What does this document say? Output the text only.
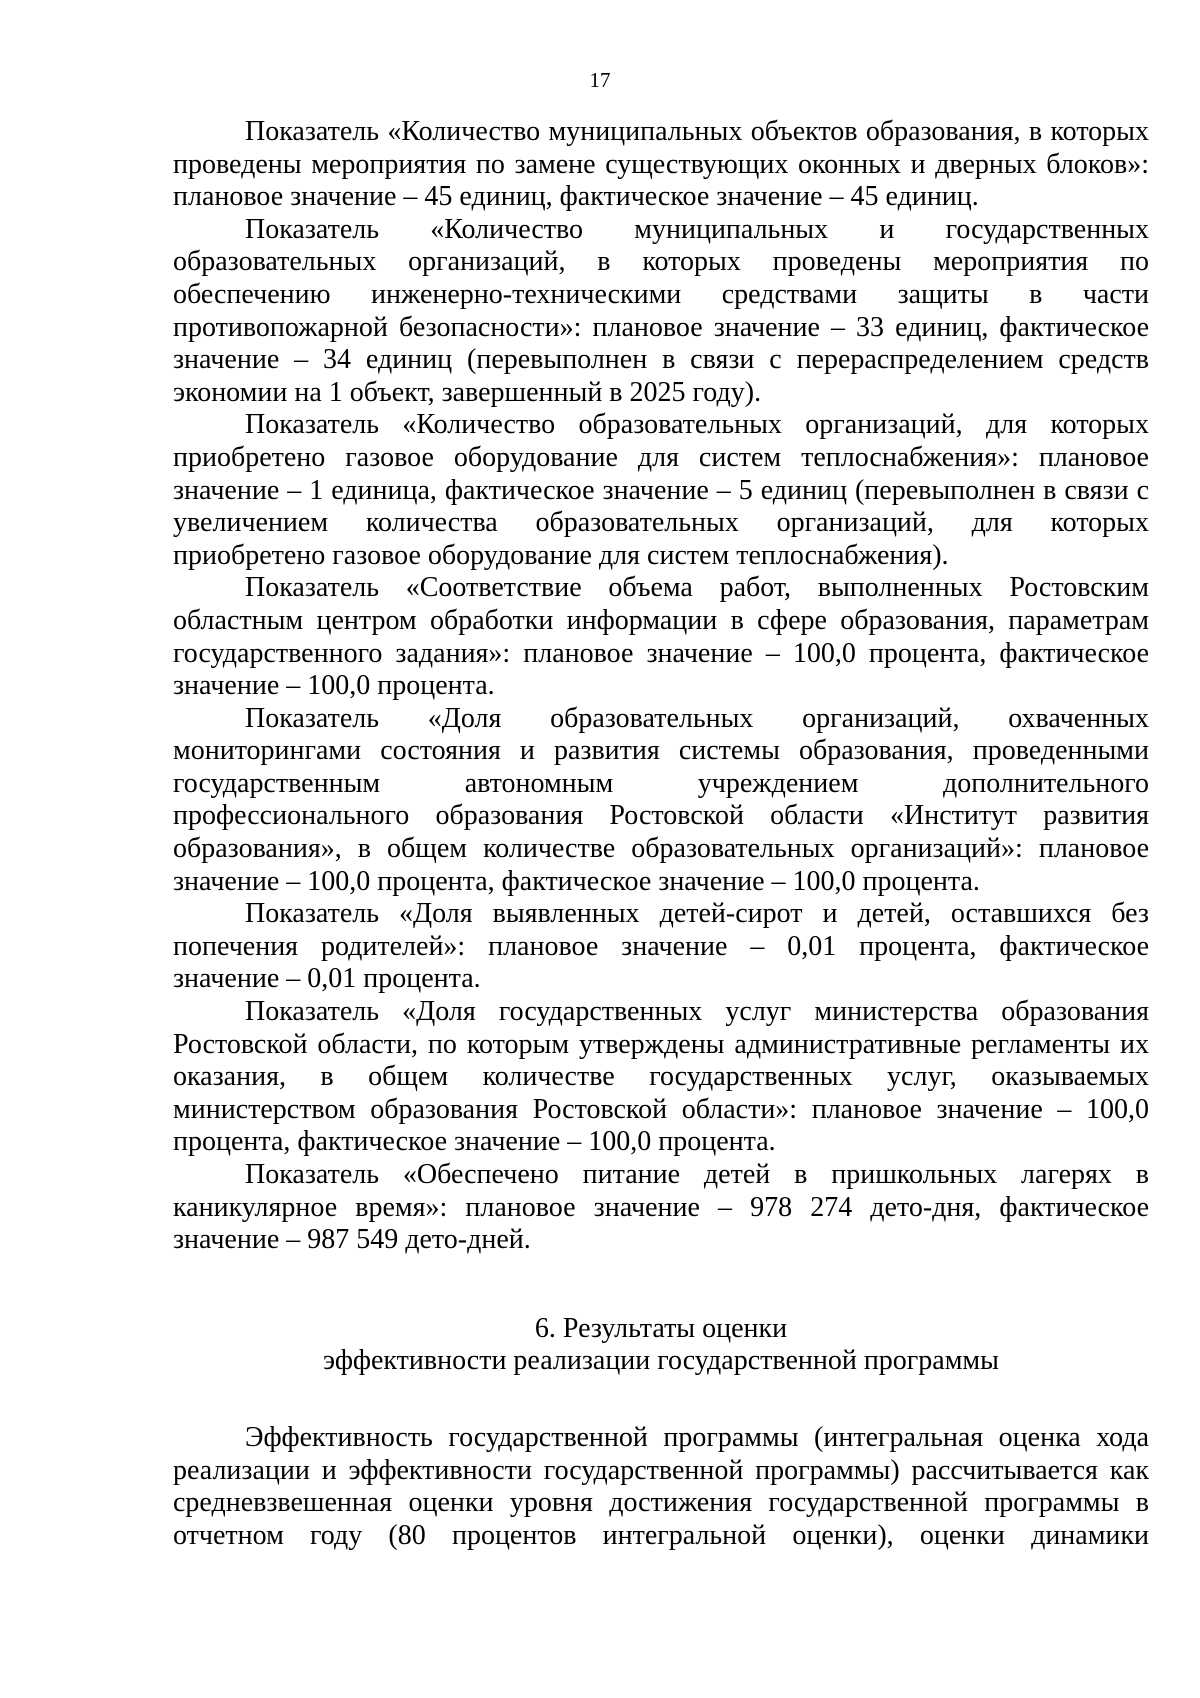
17

Показатель «Количество муниципальных объектов образования, в которых проведены мероприятия по замене существующих оконных и дверных блоков»: плановое значение – 45 единиц, фактическое значение – 45 единиц.

Показатель «Количество муниципальных и государственных образовательных организаций, в которых проведены мероприятия по обеспечению инженерно-техническими средствами защиты в части противопожарной безопасности»: плановое значение – 33 единиц, фактическое значение – 34 единиц (перевыполнен в связи с перераспределением средств экономии на 1 объект, завершенный в 2025 году).

Показатель «Количество образовательных организаций, для которых приобретено газовое оборудование для систем теплоснабжения»: плановое значение – 1 единица, фактическое значение – 5 единиц (перевыполнен в связи с увеличением количества образовательных организаций, для которых приобретено газовое оборудование для систем теплоснабжения).

Показатель «Соответствие объема работ, выполненных Ростовским областным центром обработки информации в сфере образования, параметрам государственного задания»: плановое значение – 100,0 процента, фактическое значение – 100,0 процента.

Показатель «Доля образовательных организаций, охваченных мониторингами состояния и развития системы образования, проведенными государственным автономным учреждением дополнительного профессионального образования Ростовской области «Институт развития образования», в общем количестве образовательных организаций»: плановое значение – 100,0 процента, фактическое значение – 100,0 процента.

Показатель «Доля выявленных детей-сирот и детей, оставшихся без попечения родителей»: плановое значение – 0,01 процента, фактическое значение – 0,01 процента.

Показатель «Доля государственных услуг министерства образования Ростовской области, по которым утверждены административные регламенты их оказания, в общем количестве государственных услуг, оказываемых министерством образования Ростовской области»: плановое значение – 100,0 процента, фактическое значение – 100,0 процента.

Показатель «Обеспечено питание детей в пришкольных лагерях в каникулярное время»: плановое значение – 978 274 дето-дня, фактическое значение – 987 549 дето-дней.

6. Результаты оценки
эффективности реализации государственной программы

Эффективность государственной программы (интегральная оценка хода реализации и эффективности государственной программы) рассчитывается как средневзвешенная оценки уровня достижения государственной программы в отчетном году (80 процентов интегральной оценки), оценки динамики
